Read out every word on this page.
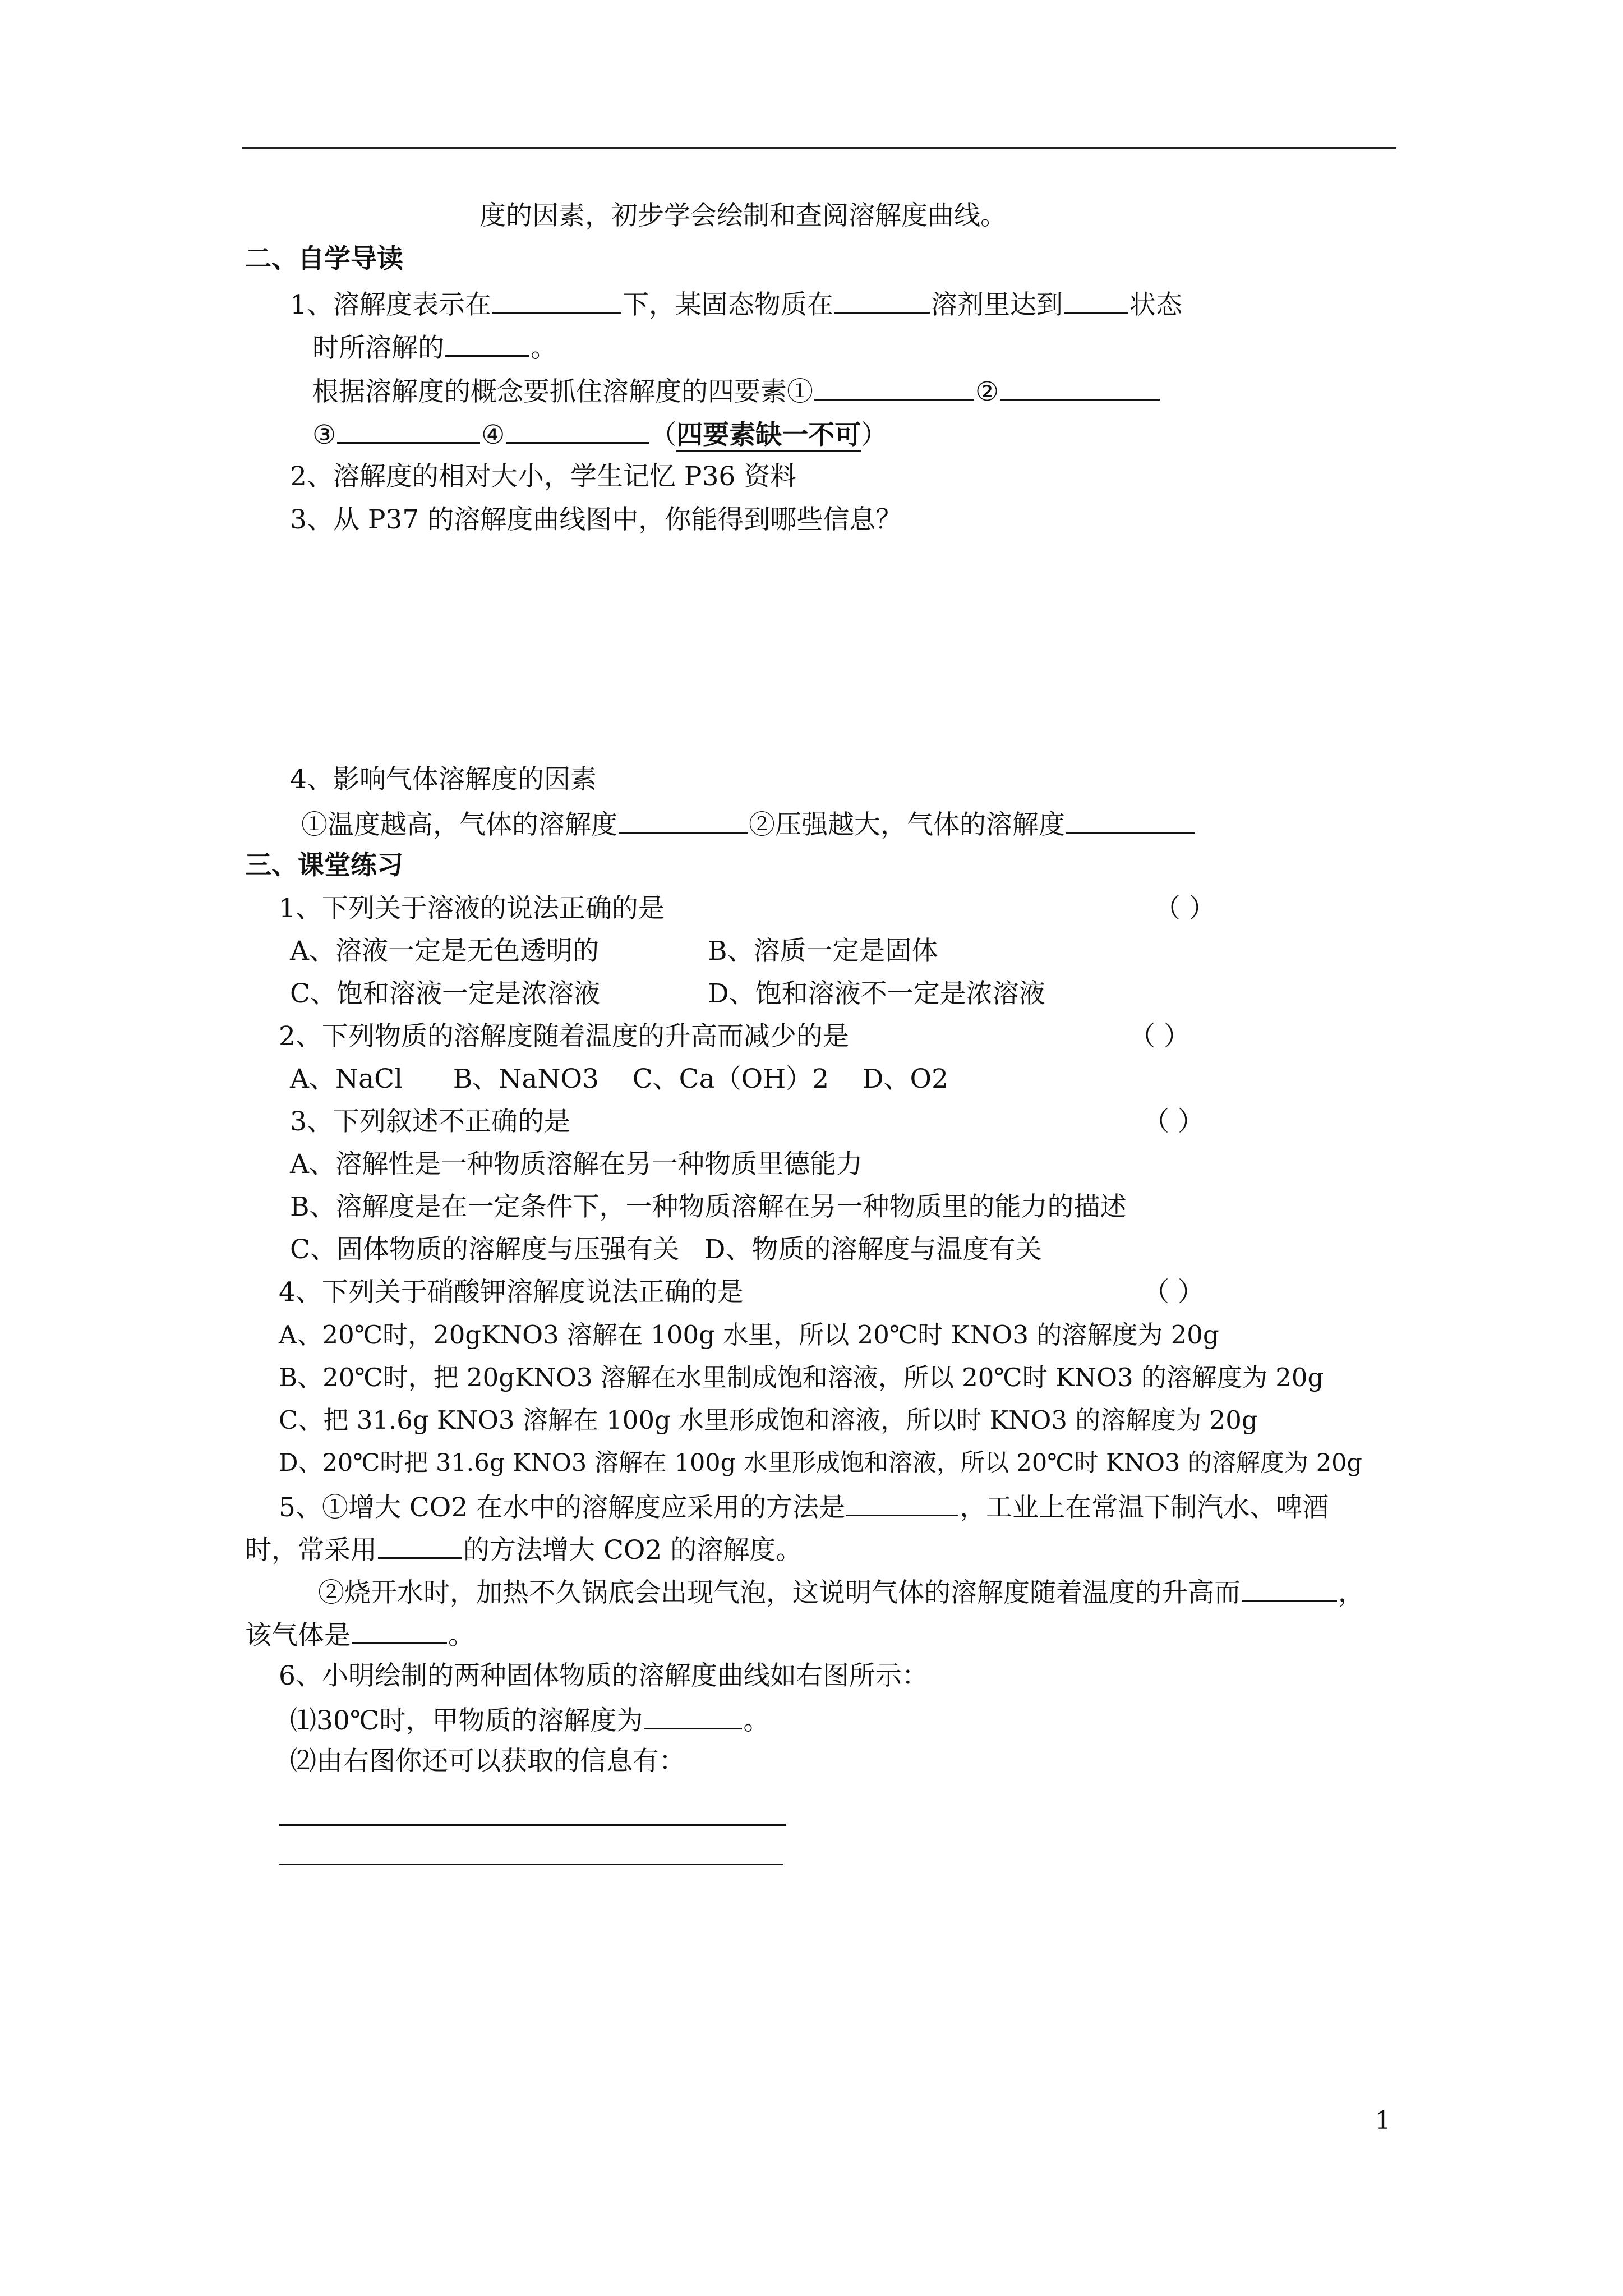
度的因素，初步学会绘制和查阅溶解度曲线。
二、自学导读
1、溶解度表示在	下，某固态物质在	溶剂里达到	状态
时所溶解的	。
根据溶解度的概念要抓住溶解度的四要素①	②
③	④	（四要素缺一不可）
2、溶解度的相对大小，学生记忆 P36 资料
3、从 P37 的溶解度曲线图中，你能得到哪些信息？
4、影响气体溶解度的因素
①温度越高，气体的溶解度	②压强越大，气体的溶解度
三、课堂练习
1、下列关于溶液的说法正确的是	（ ）
A、溶液一定是无色透明的	B、溶质一定是固体
C、饱和溶液一定是浓溶液	D、饱和溶液不一定是浓溶液
2、下列物质的溶解度随着温度的升高而减少的是	（ ）
A、NaCl      B、NaNO3    C、Ca（OH）2    D、O2
3、下列叙述不正确的是	（ ）
A、溶解性是一种物质溶解在另一种物质里德能力
B、溶解度是在一定条件下，一种物质溶解在另一种物质里的能力的描述
C、固体物质的溶解度与压强有关   D、物质的溶解度与温度有关
4、下列关于硝酸钾溶解度说法正确的是	（ ）
A、20℃时，20gKNO3 溶解在 100g 水里，所以 20℃时 KNO3 的溶解度为 20g
B、20℃时，把 20gKNO3 溶解在水里制成饱和溶液，所以 20℃时 KNO3 的溶解度为 20g
C、把 31.6g KNO3 溶解在 100g 水里形成饱和溶液，所以时 KNO3 的溶解度为 20g
D、20℃时把 31.6g KNO3 溶解在 100g 水里形成饱和溶液，所以 20℃时 KNO3 的溶解度为 20g
5、①增大 CO2 在水中的溶解度应采用的方法是	，工业上在常温下制汽水、啤酒
时，常采用	的方法增大 CO2 的溶解度。
②烧开水时，加热不久锅底会出现气泡，这说明气体的溶解度随着温度的升高而	，
该气体是	。
6、小明绘制的两种固体物质的溶解度曲线如右图所示：
⑴30℃时，甲物质的溶解度为	。
⑵由右图你还可以获取的信息有：
1
